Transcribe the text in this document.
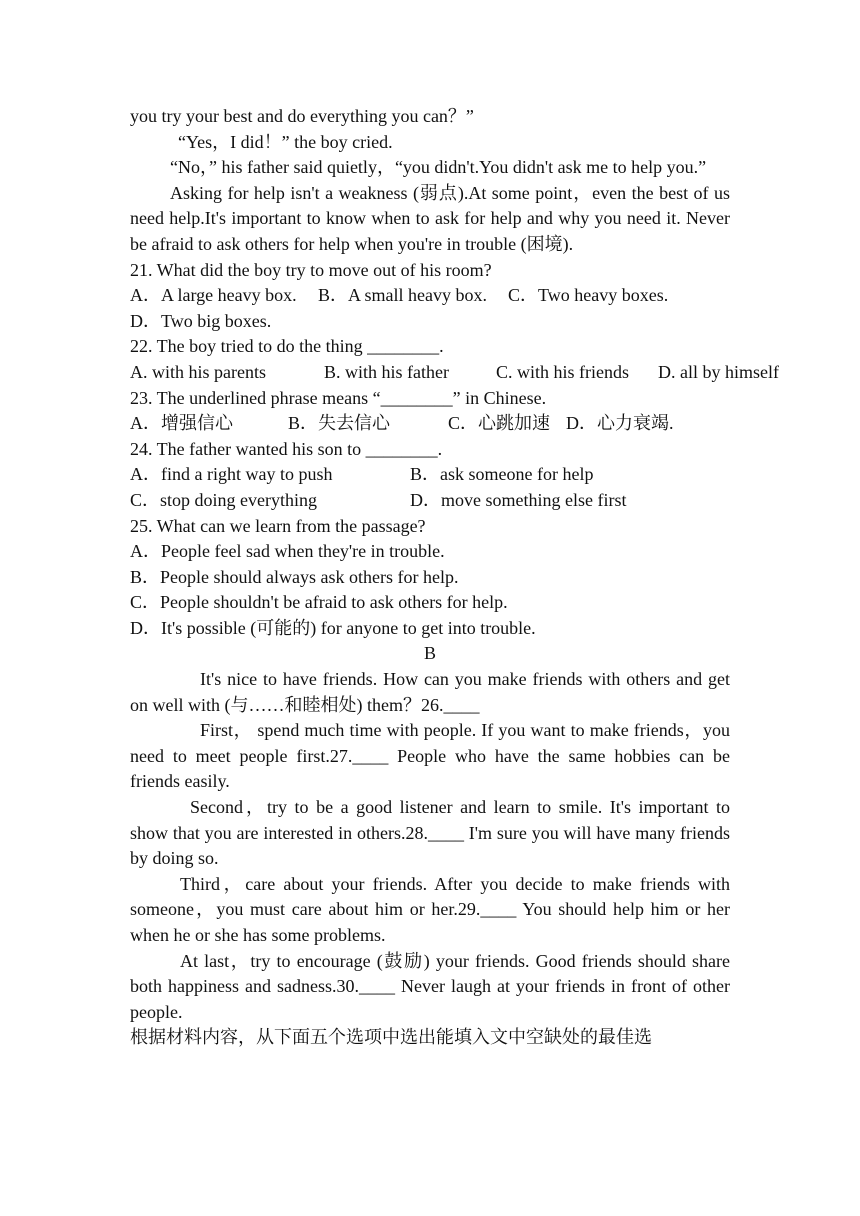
you try your best and do everything you can？”

“Yes，I did！” the boy cried.

“No，” his father said quietly，“you didn't.You didn't ask me to help you.”

Asking for help isn't a weakness (弱点).At some point，even the best of us need help.It's important to know when to ask for help and why you need it. Never be afraid to ask others for help when you're in trouble (困境).

21. What did the boy try to move out of his room?

A．A large heavy box. B．A small heavy box. C．Two heavy boxes.

D．Two big boxes.

22. The boy tried to do the thing ________.

A. with his parents	B. with his father	C. with his friends D. all by himself

23. The underlined phrase means “________” in Chinese.

A．增强信心	B．失去信心	C．心跳加速 D．心力衰竭.

24. The father wanted his son to ________.

A．find a right way to push	B．ask someone for help
C．stop doing everything	D．move something else first

25. What can we learn from the passage?

A．People feel sad when they're in trouble.

B．People should always ask others for help.

C．People shouldn't be afraid to ask others for help.

D．It's possible (可能的) for anyone to get into trouble.

B

It's nice to have friends. How can you make friends with others and get on well with (与……和睦相处) them？26.____

First， spend much time with people. If you want to make friends，you need to meet people first.27.____ People who have the same hobbies can be friends easily.

Second，try to be a good listener and learn to smile. It's important to show that you are interested in others.28.____ I'm sure you will have many friends by doing so.

Third，care about your friends. After you decide to make friends with someone，you must care about him or her.29.____ You should help him or her when he or she has some problems.

At last，try to encourage (鼓励) your friends. Good friends should share both happiness and sadness.30.____ Never laugh at your friends in front of other people.

根据材料内容，从下面五个选项中选出能填入文中空缺处的最佳选
